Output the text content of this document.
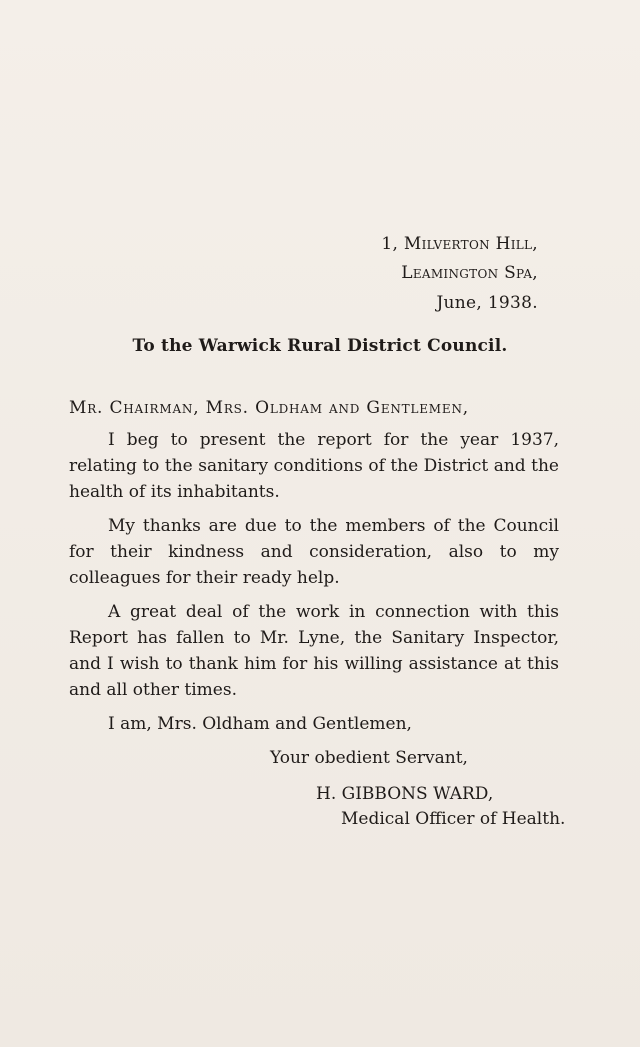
1, Milverton Hill,
Leamington Spa,
June, 1938.
To the Warwick Rural District Council.
Mr. Chairman, Mrs. Oldham and Gentlemen,
I beg to present the report for the year 1937, relating to the sanitary conditions of the District and the health of its inhabitants.
My thanks are due to the members of the Council for their kindness and consideration, also to my colleagues for their ready help.
A great deal of the work in connection with this Report has fallen to Mr. Lyne, the Sanitary Inspector, and I wish to thank him for his willing assistance at this and all other times.
I am, Mrs. Oldham and Gentlemen,
Your obedient Servant,
H. GIBBONS WARD,
Medical Officer of Health.
